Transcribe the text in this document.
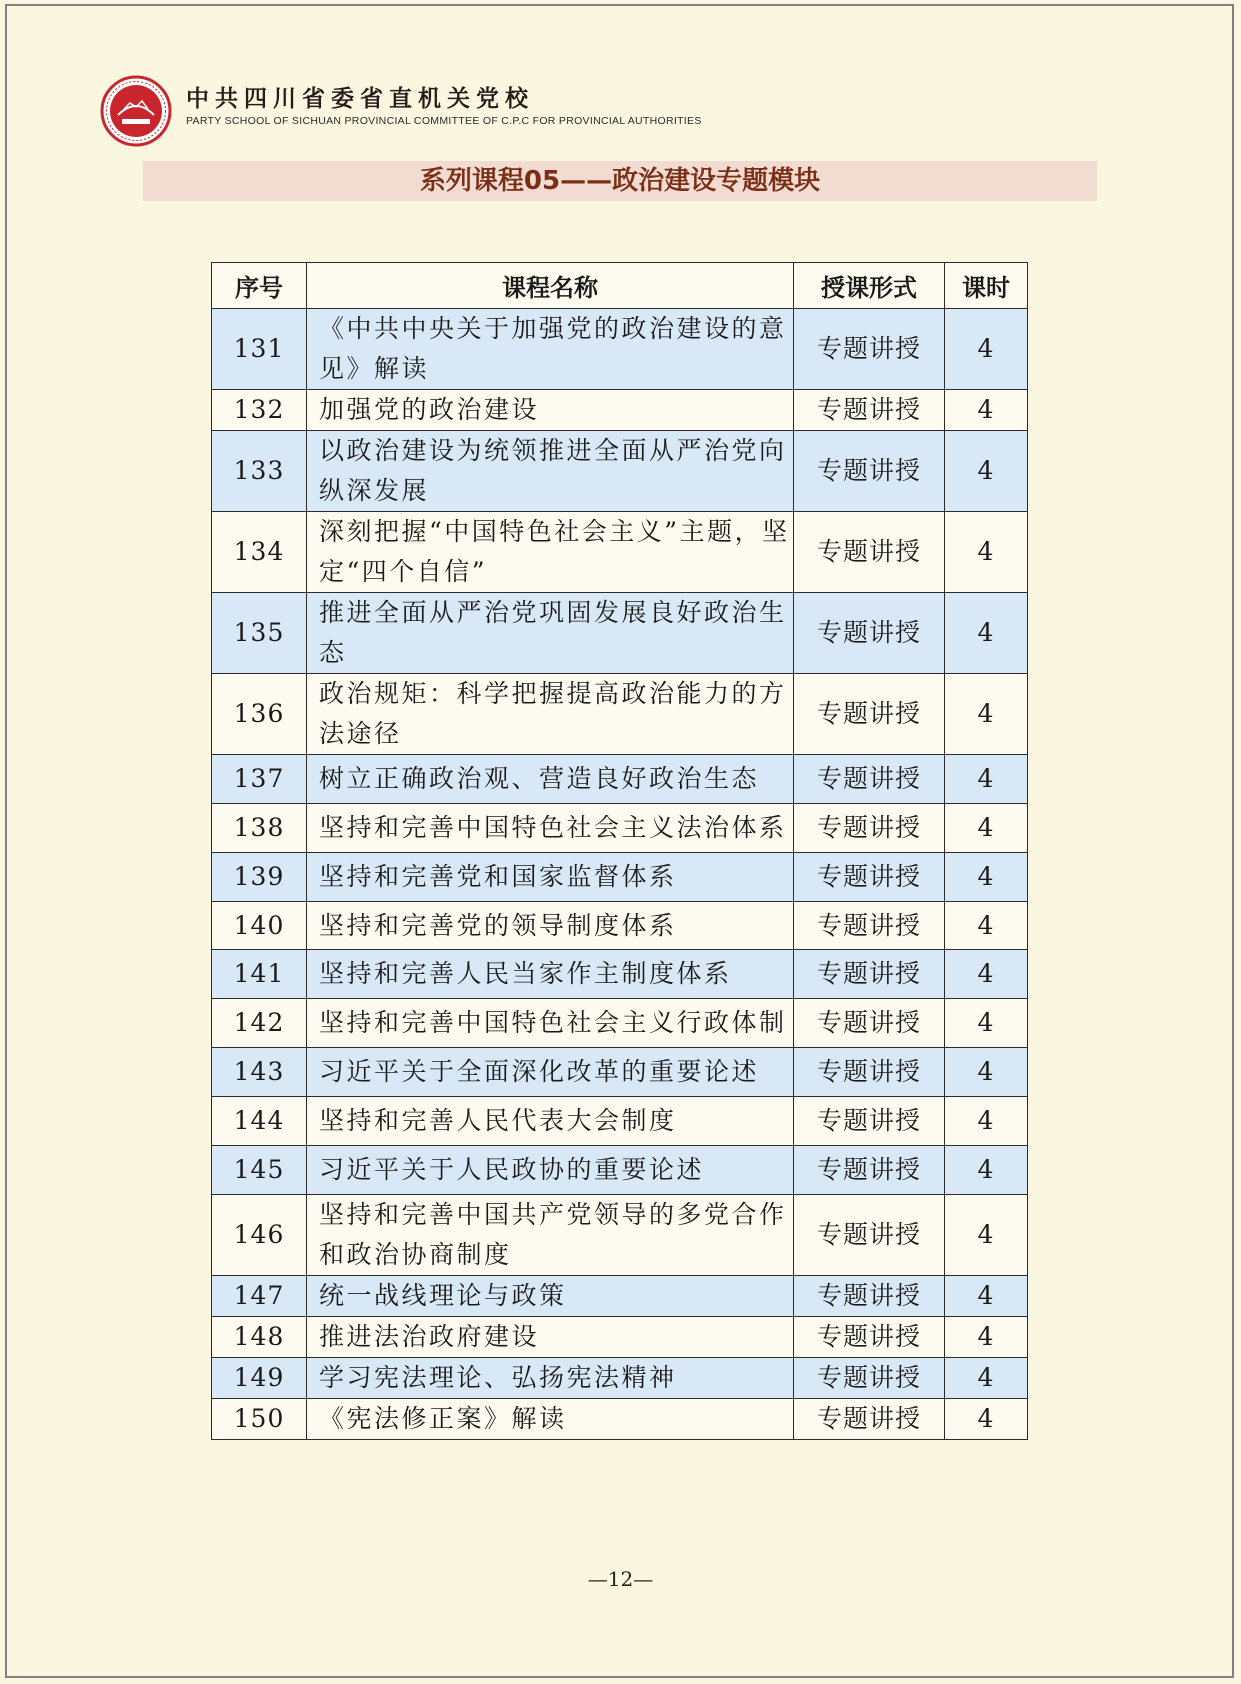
中共四川省委省直机关党校

PARTY SCHOOL OF SICHUAN PROVINCIAL COMMITTEE OF C.P.C FOR PROVINCIAL AUTHORITIES

系列课程05——政治建设专题模块
序号	课程名称	授课形式	课时
131	《中共中央关于加强党的政治建设的意见》解读	专题讲授	4
132	加强党的政治建设	专题讲授	4
133	以政治建设为统领推进全面从严治党向纵深发展	专题讲授	4
134	深刻把握“中国特色社会主义”主题，坚定“四个自信”	专题讲授	4
135	推进全面从严治党巩固发展良好政治生态	专题讲授	4
136	政治规矩：科学把握提高政治能力的方法途径	专题讲授	4
137	树立正确政治观、营造良好政治生态	专题讲授	4
138	坚持和完善中国特色社会主义法治体系	专题讲授	4
139	坚持和完善党和国家监督体系	专题讲授	4
140	坚持和完善党的领导制度体系	专题讲授	4
141	坚持和完善人民当家作主制度体系	专题讲授	4
142	坚持和完善中国特色社会主义行政体制	专题讲授	4
143	习近平关于全面深化改革的重要论述	专题讲授	4
144	坚持和完善人民代表大会制度	专题讲授	4
145	习近平关于人民政协的重要论述	专题讲授	4
146	坚持和完善中国共产党领导的多党合作和政治协商制度	专题讲授	4
147	统一战线理论与政策	专题讲授	4
148	推进法治政府建设	专题讲授	4
149	学习宪法理论、弘扬宪法精神	专题讲授	4
150	《宪法修正案》解读	专题讲授	4

—12—
